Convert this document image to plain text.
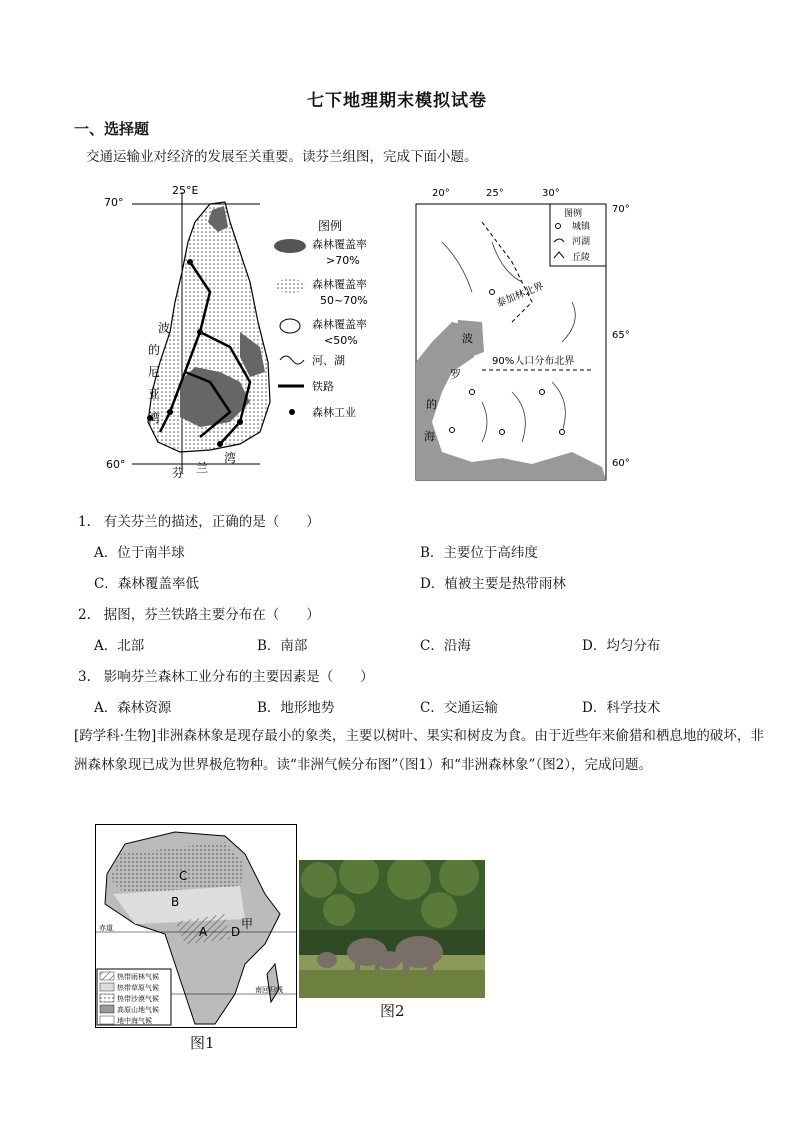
七下地理期末模拟试卷
一、选择题
交通运输业对经济的发展至关重要。读芬兰组图，完成下面小题。
25°E
70°
60°
波
的
尼
亚
湾
芬 兰
湾
图例
森林覆盖率
>70%
森林覆盖率
50~70%
森林覆盖率
<50%
河、湖
铁路
森林工业
20°	25°	30°
70°
65°
60°
波
罗
的
海
泰加林北界
90%人口分布北界
图例
城镇
河湖
丘陵
1. 有关芬兰的描述，正确的是（　　）
A．位于南半球	B．主要位于高纬度
C．森林覆盖率低	D．植被主要是热带雨林
2. 据图，芬兰铁路主要分布在（　　）
A．北部	B．南部	C．沿海	D．均匀分布
3. 影响芬兰森林工业分布的主要因素是（　　）
A．森林资源	B．地形地势	C．交通运输	D．科学技术
[跨学科·生物]非洲森林象是现存最小的象类，主要以树叶、果实和树皮为食。由于近些年来偷猎和栖息地的破坏，非洲森林象现已成为世界极危物种。读“非洲气候分布图”（图1）和“非洲森林象”（图2），完成问题。
赤道
南回归线
C
B
A D
甲
热带雨林气候
热带草原气候
热带沙漠气候
高原山地气候
地中海气候
图1
图2
